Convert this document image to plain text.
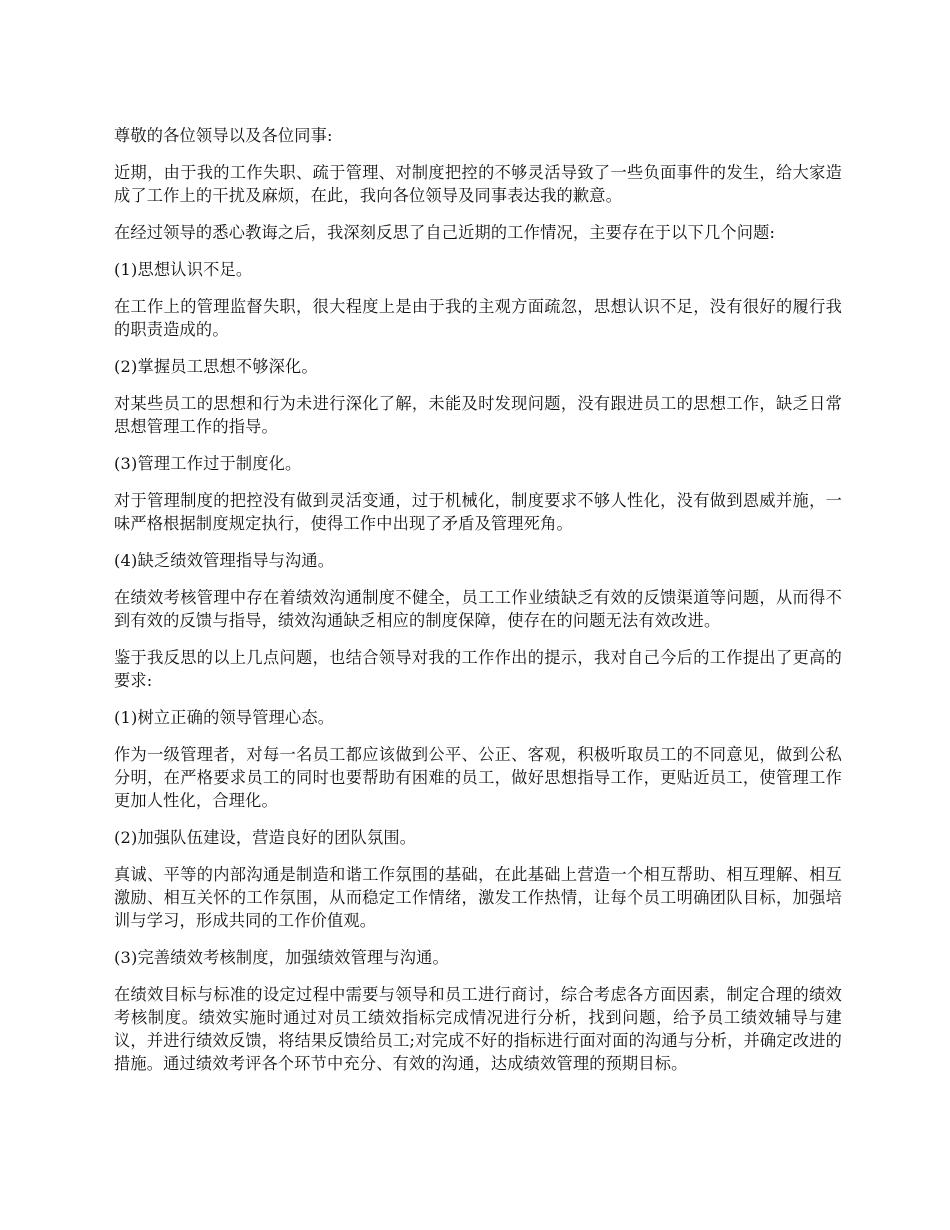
尊敬的各位领导以及各位同事:

近期，由于我的工作失职、疏于管理、对制度把控的不够灵活导致了一些负面事件的发生，给大家造成了工作上的干扰及麻烦，在此，我向各位领导及同事表达我的歉意。

在经过领导的悉心教诲之后，我深刻反思了自己近期的工作情况，主要存在于以下几个问题:

(1)思想认识不足。

在工作上的管理监督失职，很大程度上是由于我的主观方面疏忽，思想认识不足，没有很好的履行我的职责造成的。

(2)掌握员工思想不够深化。

对某些员工的思想和行为未进行深化了解，未能及时发现问题，没有跟进员工的思想工作，缺乏日常思想管理工作的指导。

(3)管理工作过于制度化。

对于管理制度的把控没有做到灵活变通，过于机械化，制度要求不够人性化，没有做到恩威并施，一味严格根据制度规定执行，使得工作中出现了矛盾及管理死角。

(4)缺乏绩效管理指导与沟通。

在绩效考核管理中存在着绩效沟通制度不健全，员工工作业绩缺乏有效的反馈渠道等问题，从而得不到有效的反馈与指导，绩效沟通缺乏相应的制度保障，使存在的问题无法有效改进。

鉴于我反思的以上几点问题，也结合领导对我的工作作出的提示，我对自己今后的工作提出了更高的要求:

(1)树立正确的领导管理心态。

作为一级管理者，对每一名员工都应该做到公平、公正、客观，积极听取员工的不同意见，做到公私分明，在严格要求员工的同时也要帮助有困难的员工，做好思想指导工作，更贴近员工，使管理工作更加人性化，合理化。

(2)加强队伍建设，营造良好的团队氛围。

真诚、平等的内部沟通是制造和谐工作氛围的基础，在此基础上营造一个相互帮助、相互理解、相互激励、相互关怀的工作氛围，从而稳定工作情绪，激发工作热情，让每个员工明确团队目标，加强培训与学习，形成共同的工作价值观。

(3)完善绩效考核制度，加强绩效管理与沟通。

在绩效目标与标准的设定过程中需要与领导和员工进行商讨，综合考虑各方面因素，制定合理的绩效考核制度。绩效实施时通过对员工绩效指标完成情况进行分析，找到问题，给予员工绩效辅导与建议，并进行绩效反馈，将结果反馈给员工;对完成不好的指标进行面对面的沟通与分析，并确定改进的措施。通过绩效考评各个环节中充分、有效的沟通，达成绩效管理的预期目标。
